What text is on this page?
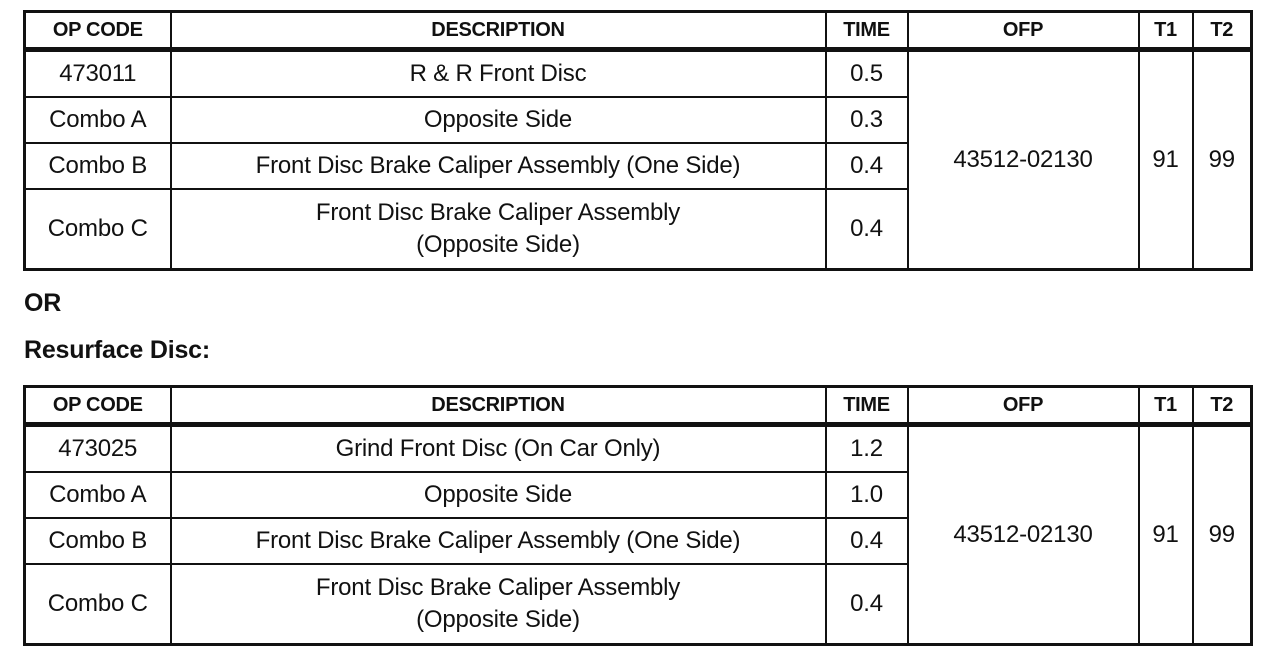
OP CODE	DESCRIPTION	TIME	OFP	T1	T2
473011	R & R Front Disc	0.5	43512-02130	91	99
Combo A	Opposite Side	0.3			
Combo B	Front Disc Brake Caliper Assembly (One Side)	0.4			
Combo C	Front Disc Brake Caliper Assembly
(Opposite Side)	0.4			
OR
Resurface Disc:
OP CODE	DESCRIPTION	TIME	OFP	T1	T2
473025	Grind Front Disc (On Car Only)	1.2	43512-02130	91	99
Combo A	Opposite Side	1.0			
Combo B	Front Disc Brake Caliper Assembly (One Side)	0.4			
Combo C	Front Disc Brake Caliper Assembly
(Opposite Side)	0.4			
